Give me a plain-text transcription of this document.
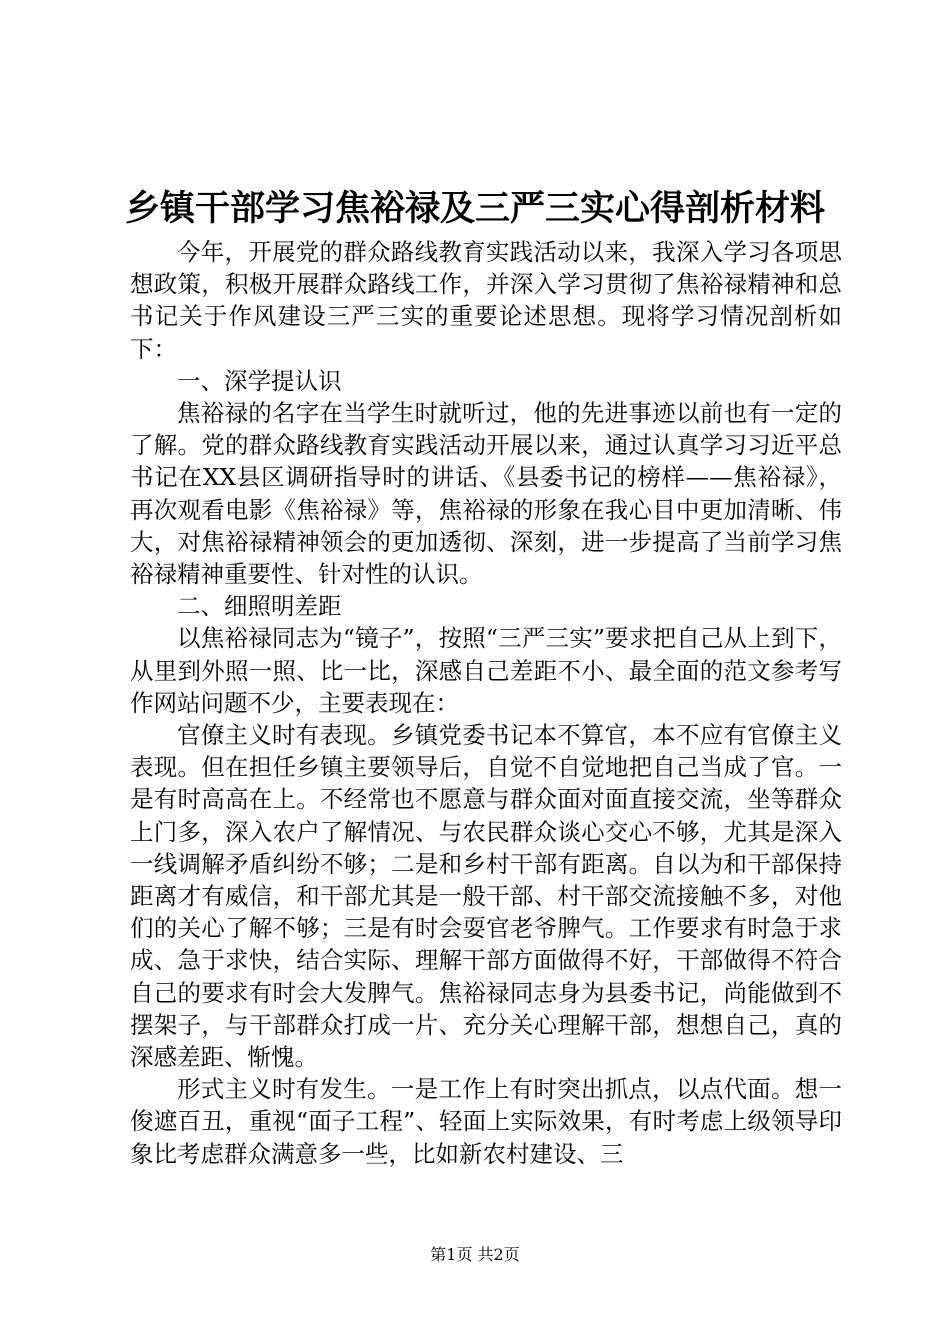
乡镇干部学习焦裕禄及三严三实心得剖析材料

今年，开展党的群众路线教育实践活动以来，我深入学习各项思想政策，积极开展群众路线工作，并深入学习贯彻了焦裕禄精神和总书记关于作风建设三严三实的重要论述思想。现将学习情况剖析如下：

一、深学提认识

焦裕禄的名字在当学生时就听过，他的先进事迹以前也有一定的了解。党的群众路线教育实践活动开展以来，通过认真学习习近平总书记在XX县区调研指导时的讲话、《县委书记的榜样——焦裕禄》，再次观看电影《焦裕禄》等，焦裕禄的形象在我心目中更加清晰、伟大，对焦裕禄精神领会的更加透彻、深刻，进一步提高了当前学习焦裕禄精神重要性、针对性的认识。

二、细照明差距

以焦裕禄同志为“镜子”，按照“三严三实”要求把自己从上到下，从里到外照一照、比一比，深感自己差距不小、最全面的范文参考写作网站问题不少，主要表现在：

官僚主义时有表现。乡镇党委书记本不算官，本不应有官僚主义表现。但在担任乡镇主要领导后，自觉不自觉地把自己当成了官。一是有时高高在上。不经常也不愿意与群众面对面直接交流，坐等群众上门多，深入农户了解情况、与农民群众谈心交心不够，尤其是深入一线调解矛盾纠纷不够；二是和乡村干部有距离。自以为和干部保持距离才有威信，和干部尤其是一般干部、村干部交流接触不多，对他们的关心了解不够；三是有时会耍官老爷脾气。工作要求有时急于求成、急于求快，结合实际、理解干部方面做得不好，干部做得不符合自己的要求有时会大发脾气。焦裕禄同志身为县委书记，尚能做到不摆架子，与干部群众打成一片、充分关心理解干部，想想自己，真的深感差距、惭愧。

形式主义时有发生。一是工作上有时突出抓点，以点代面。想一俊遮百丑，重视“面子工程”、轻面上实际效果，有时考虑上级领导印象比考虑群众满意多一些，比如新农村建设、三

第1页 共2页
